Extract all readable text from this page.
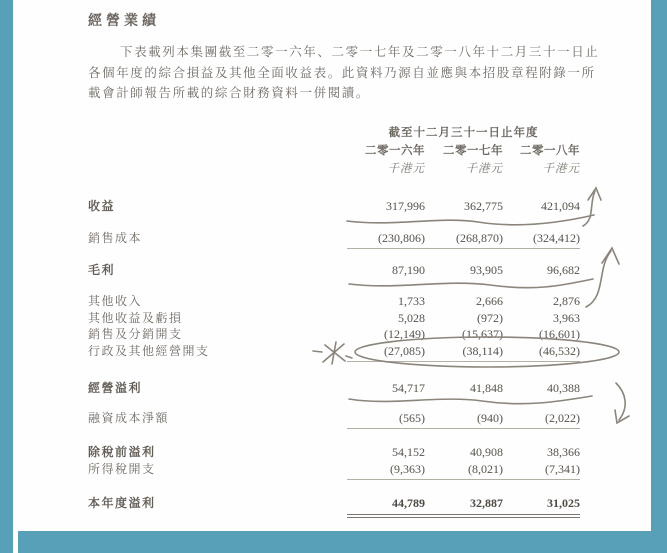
經營業績
下表載列本集團截至二零一六年、二零一七年及二零一八年十二月三十一日止
各個年度的綜合損益及其他全面收益表。此資料乃源自並應與本招股章程附錄一所
載會計師報告所載的綜合財務資料一併閱讀。
截至十二月三十一日止年度
二零一六年	二零一七年	二零一八年
千港元	千港元	千港元
收益	317,996	362,775	421,094
銷售成本	(230,806)	(268,870)	(324,412)
毛利	87,190	93,905	96,682
其他收入	1,733	2,666	2,876
其他收益及虧損	5,028	(972)	3,963
銷售及分銷開支	(12,149)	(15,637)	(16,601)
行政及其他經營開支	(27,085)	(38,114)	(46,532)
經營溢利	54,717	41,848	40,388
融資成本淨額	(565)	(940)	(2,022)
除稅前溢利	54,152	40,908	38,366
所得稅開支	(9,363)	(8,021)	(7,341)
本年度溢利	44,789	32,887	31,025
